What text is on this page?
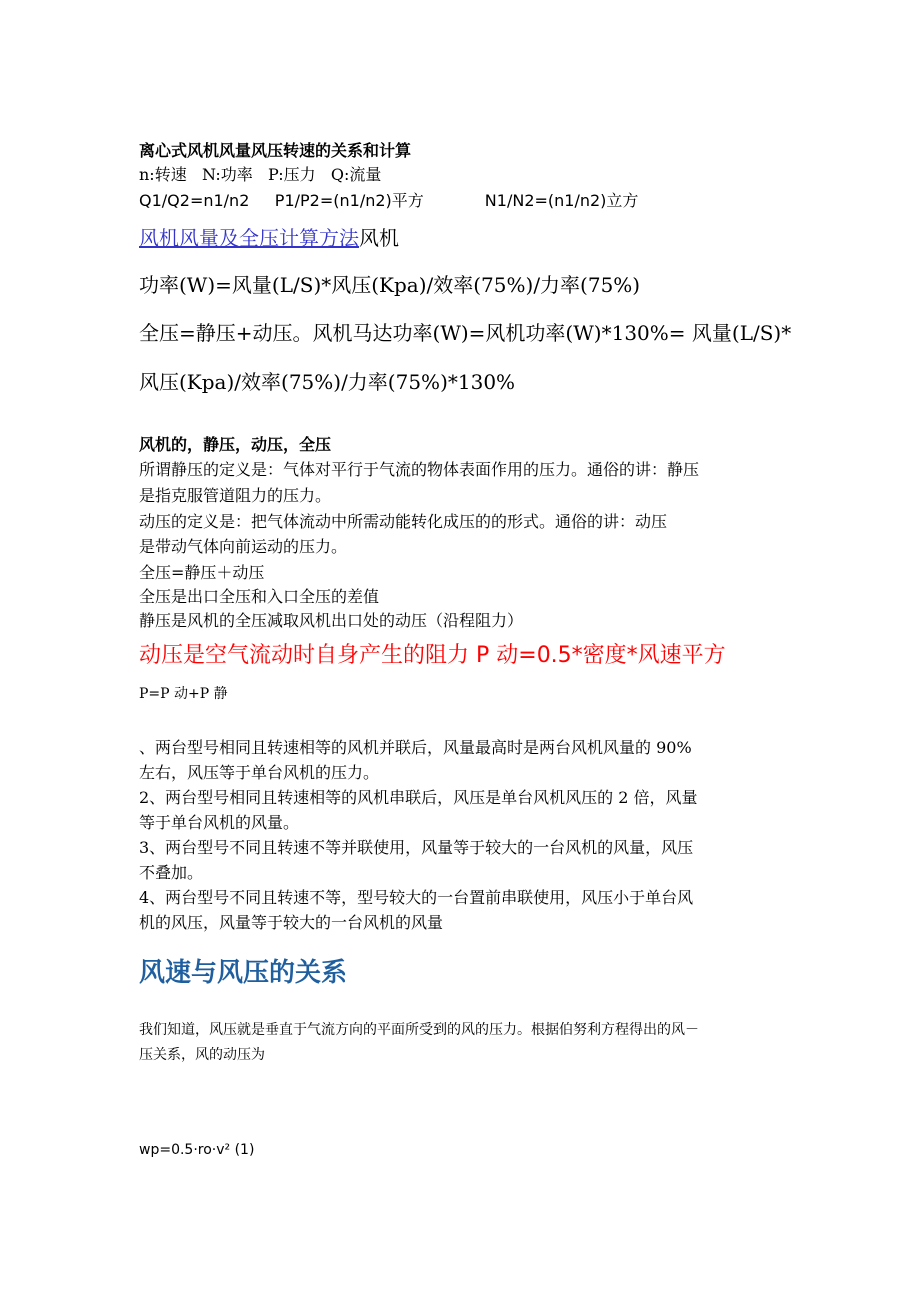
离心式风机风量风压转速的关系和计算
n:转速   N:功率   P:压力   Q:流量
Q1/Q2=n1/n2     P1/P2=(n1/n2)平方            N1/N2=(n1/n2)立方
风机风量及全压计算方法风机
功率(W)=风量(L/S)*风压(Kpa)/效率(75%)/力率(75%)
全压=静压+动压。风机马达功率(W)=风机功率(W)*130%= 风量(L/S)*
风压(Kpa)/效率(75%)/力率(75%)*130%
风机的，静压，动压，全压
所谓静压的定义是：气体对平行于气流的物体表面作用的压力。通俗的讲：静压
是指克服管道阻力的压力。
动压的定义是：把气体流动中所需动能转化成压的的形式。通俗的讲：动压
是带动气体向前运动的压力。
全压=静压＋动压
全压是出口全压和入口全压的差值
静压是风机的全压减取风机出口处的动压（沿程阻力）
动压是空气流动时自身产生的阻力 P 动=0.5*密度*风速平方
P=P 动+P 静
、两台型号相同且转速相等的风机并联后，风量最高时是两台风机风量的 90%
左右，风压等于单台风机的压力。
2、两台型号相同且转速相等的风机串联后，风压是单台风机风压的 2 倍，风量
等于单台风机的风量。
3、两台型号不同且转速不等并联使用，风量等于较大的一台风机的风量，风压
不叠加。
4、两台型号不同且转速不等，型号较大的一台置前串联使用，风压小于单台风
机的风压，风量等于较大的一台风机的风量
风速与风压的关系
我们知道，风压就是垂直于气流方向的平面所受到的风的压力。根据伯努利方程得出的风－
压关系，风的动压为
wp=0.5·ro·v² (1)
